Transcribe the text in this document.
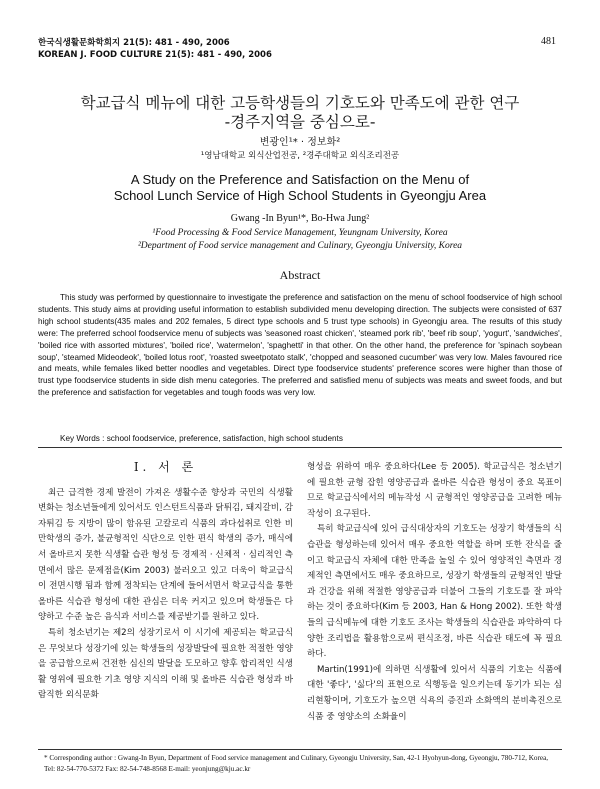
한국식생활문화학회지 21(5): 481 - 490, 2006
KOREAN J. FOOD CULTURE 21(5): 481 - 490, 2006
481
학교급식 메뉴에 대한 고등학생들의 기호도와 만족도에 관한 연구
-경주지역을 중심으로-
변광인¹* · 정보화²
¹영남대학교 외식산업전공, ²경주대학교 외식조리전공
A Study on the Preference and Satisfaction on the Menu of
School Lunch Service of High School Students in Gyeongju Area
Gwang -In Byun¹*, Bo-Hwa Jung²
¹Food Processing & Food Service Management, Yeungnam University, Korea
²Department of Food service management and Culinary, Gyeongju University, Korea
Abstract

This study was performed by questionnaire to investigate the preference and satisfaction on the menu of school foodservice of high school students. This study aims at providing useful information to establish subdivided menu developing direction. The subjects were consisted of 637 high school students(435 males and 202 females, 5 direct type schools and 5 trust type schools) in Gyeongju area. The results of this study were: The preferred school foodservice menu of subjects was 'seasoned roast chicken', 'steamed pork rib', 'beef rib soup', 'yogurt', 'sandwiches', 'boiled rice with assorted mixtures', 'boiled rice', 'watermelon', 'spaghetti' in that other. On the other hand, the preference for 'spinach soybean soup', 'steamed Mideodeok', 'boiled lotus root', 'roasted sweetpotato stalk', 'chopped and seasoned cucumber' was very low. Males favoured rice and meats, while females liked better noodles and vegetables. Direct type foodservice students' preference scores were higher than those of trust type foodservice students in side dish menu categories. The preferred and satisfied menu of subjects was meats and sweet foods, and but the preference and satisfaction for vegetables and tough foods was very low.

Key Words : school foodservice, preference, satisfaction, high school students
Ⅰ. 서 론

최근 급격한 경제 발전이 가져온 생활수준 향상과 국민의 식생활 변화는 청소년들에게 있어서도 인스턴트식품과 닭튀김, 돼지갈비, 감자튀김 등 지방이 많이 함유된 고칼로리 식품의 과다섭취로 인한 비만학생의 증가, 불균형적인 식단으로 인한 편식 학생의 증가, 매식에서 올바르지 못한 식생활 습관 형성 등 경제적 · 신체적 · 심리적인 측면에서 많은 문제점을(Kim 2003) 불러오고 있고 더욱이 학교급식이 전면시행 됨과 함께 정착되는 단계에 들어서면서 학교급식을 통한 올바른 식습관 형성에 대한 관심은 더욱 커지고 있으며 학생들은 다양하고 수준 높은 음식과 서비스를 제공받기를 원하고 있다.

특히 청소년기는 제2의 성장기로서 이 시기에 제공되는 학교급식은 무엇보다 성장기에 있는 학생들의 성장발달에 필요한 적절한 영양을 공급함으로써 건전한 심신의 발달을 도모하고 향후 합리적인 식생활 영위에 필요한 기초 영양 지식의 이해 및 올바른 식습관 형성과 바람직한 외식문화

형성을 위하여 매우 중요하다(Lee 등 2005). 학교급식은 청소년기에 필요한 균형 잡힌 영양공급과 올바른 식습관 형성이 중요 목표이므로 학교급식에서의 메뉴작성 시 균형적인 영양공급을 고려한 메뉴작성이 요구된다.

특히 학교급식에 있어 급식대상자의 기호도는 성장기 학생들의 식습관을 형성하는데 있어서 매우 중요한 역할을 하며 또한 잔식을 줄이고 학교급식 자체에 대한 만족을 높일 수 있어 영양적인 측면과 경제적인 측면에서도 매우 중요하므로, 성장기 학생들의 균형적인 발달과 건강을 위해 적절한 영양공급과 더불어 그들의 기호도를 잘 파악하는 것이 중요하다(Kim 등 2003, Han & Hong 2002). 또한 학생들의 급식메뉴에 대한 기호도 조사는 학생들의 식습관을 파악하여 다양한 조리법을 활용함으로써 편식조정, 바른 식습관 태도에 꼭 필요하다.

Martin(1991)에 의하면 식생활에 있어서 식품의 기호는 식품에 대한 '좋다', '싫다'의 표현으로 식행동을 일으키는데 동기가 되는 심리현황이며, 기호도가 높으면 식욕의 증진과 소화액의 분비촉진으로 식품 중 영양소의 소화율이

* Corresponding author : Gwang-In Byun, Department of Food service management and Culinary, Gyeongju University, San, 42-1 Hyohyun-dong, Gyeongju, 780-712, Korea, Tel: 82-54-770-5372 Fax: 82-54-748-8568 E-mail: yeonjung@kju.ac.kr
